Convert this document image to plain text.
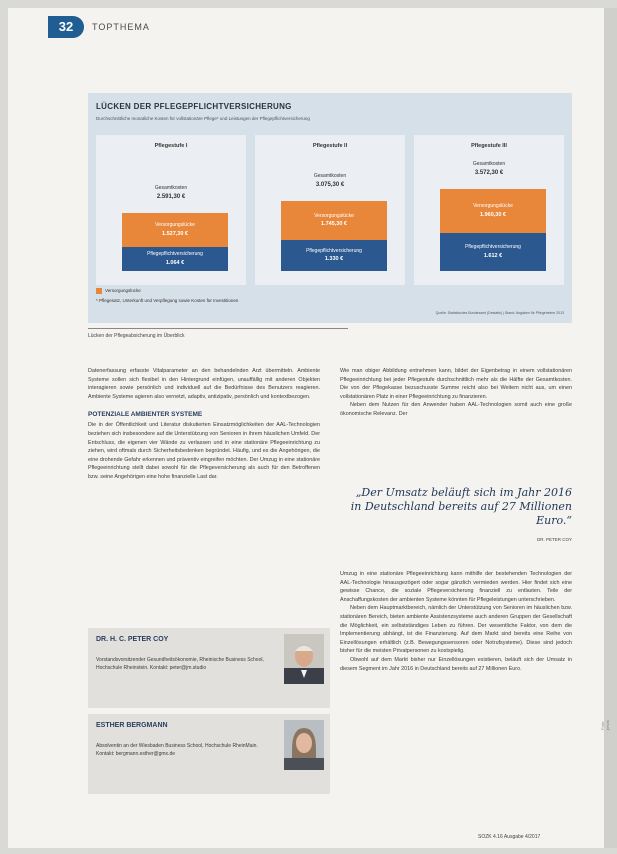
32	TOPTHEMA
LÜCKEN DER PFLEGEPFLICHTVERSICHERUNG
Durchschnittliche monatliche Kosten für vollstationäre Pflege* und Leistungen der Pflegepflichtversicherung
Pflegestufe I
Gesamtkosten
2.591,30 €
Versorgungslücke
1.527,30 €
Pflegepflichtversicherung
1.064 €
Pflegestufe II
Gesamtkosten
3.075,30 €
Versorgungslücke
1.745,30 €
Pflegepflichtversicherung
1.330 €
Pflegestufe III
Gesamtkosten
3.572,30 €
Versorgungslücke
1.960,30 €
Pflegepflichtversicherung
1.612 €
Versorgungslücke
* Pflegesatz, Unterkunft und Verpflegung sowie Kosten für Investitionen
Quelle: Statistisches Bundesamt (Destatis) | Stand: Angaben für Pflegeheime 2013
Lücken der Pflegeabsicherung im Überblick

Datenerfassung erfasste Vitalparameter an den behandelnden Arzt übermitteln. Ambiente Systeme sollen sich flexibel in den Hintergrund einfügen, unauffällig mit anderen Objekten interagieren sowie persönlich und individuell auf die Bedürfnisse des Benutzers reagieren. Ambiente Systeme agieren also vernetzt, adaptiv, antizipativ, persönlich und kontextbezogen.

POTENZIALE AMBIENTER SYSTEME

Die in der Öffentlichkeit und Literatur diskutierten Einsatzmöglichkeiten der AAL-Technologien beziehen sich insbesondere auf die Unterstützung von Senioren in ihrem häuslichen Umfeld. Der Entschluss, die eigenen vier Wände zu verlassen und in eine stationäre Pflegeeinrichtung zu ziehen, wird oftmals durch Sicherheitsbedenken begründet. Häufig, und es die Angehörigen, die eine drohende Gefahr erkennen und präventiv eingreifen möchten. Der Umzug in eine stationäre Pflegeeinrichtung stellt dabei sowohl für die Pflegeversicherung als auch für den Betroffenen bzw. seine Angehörigen eine hohe finanzielle Last dar.

Wie man obiger Abbildung entnehmen kann, bildet der Eigenbetrag in einem vollstationären Pflegeeinrichtung bei jeder Pflegestufe durchschnittlich mehr als die Hälfte der Gesamtkosten. Die von der Pflegekasse bezuschusste Summe reicht also bei Weitem nicht aus, um einen vollstationären Platz in einer Pflegeeinrichtung zu finanzieren.

Neben dem Nutzen für den Anwender haben AAL-Technologien somit auch eine große ökonomische Relevanz. Der

„Der Umsatz beläuft sich im Jahr 2016 in Deutschland bereits auf 27 Millionen Euro.“
DR. PETER COY

Umzug in eine stationäre Pflegeeinrichtung kann mithilfe der bestehenden Technologien der AAL-Technologie hinausgezögert oder sogar gänzlich vermieden werden. Hier findet sich eine gewisse Chance, die soziale Pflegeversicherung finanziell zu entlasten. Teile der Anschaffungskosten der ambienten Systeme könnten für Pflegeleistungen unterschrieben.

Neben dem Hauptmarktbereich, nämlich der Unterstützung von Senioren im häuslichen bzw. stationären Bereich, bieten ambiente Assistenzsysteme auch anderen Gruppen der Gesellschaft die Möglichkeit, ein selbstständiges Leben zu führen. Der wesentliche Faktor, von dem die Implementierung abhängt, ist die Finanzierung. Auf dem Markt sind bereits eine Reihe von Einzellösungen erhältlich (z.B. Bewegungssensoren oder Notrufsysteme). Diese sind jedoch bisher für die meisten Privatpersonen zu kostspielig.

Obwohl auf dem Markt bisher nur Einzellösungen existieren, beläuft sich der Umsatz in diesem Segment im Jahr 2016 in Deutschland bereits auf 27 Millionen Euro.

DR. H. C. PETER COY
Vorstandsvorsitzender Gesundheitsökonomie, Rheinische Business School, Hochschule Rheinstein. Kontakt: peter@jm.studio
ESTHER BERGMANN
Absolventin an der Wiesbaden Business School, Hochschule RheinMain. Kontakt: bergmann.esther@gmx.de
SOZK 4.16 Ausgabe 4/2017
Foto: privat
